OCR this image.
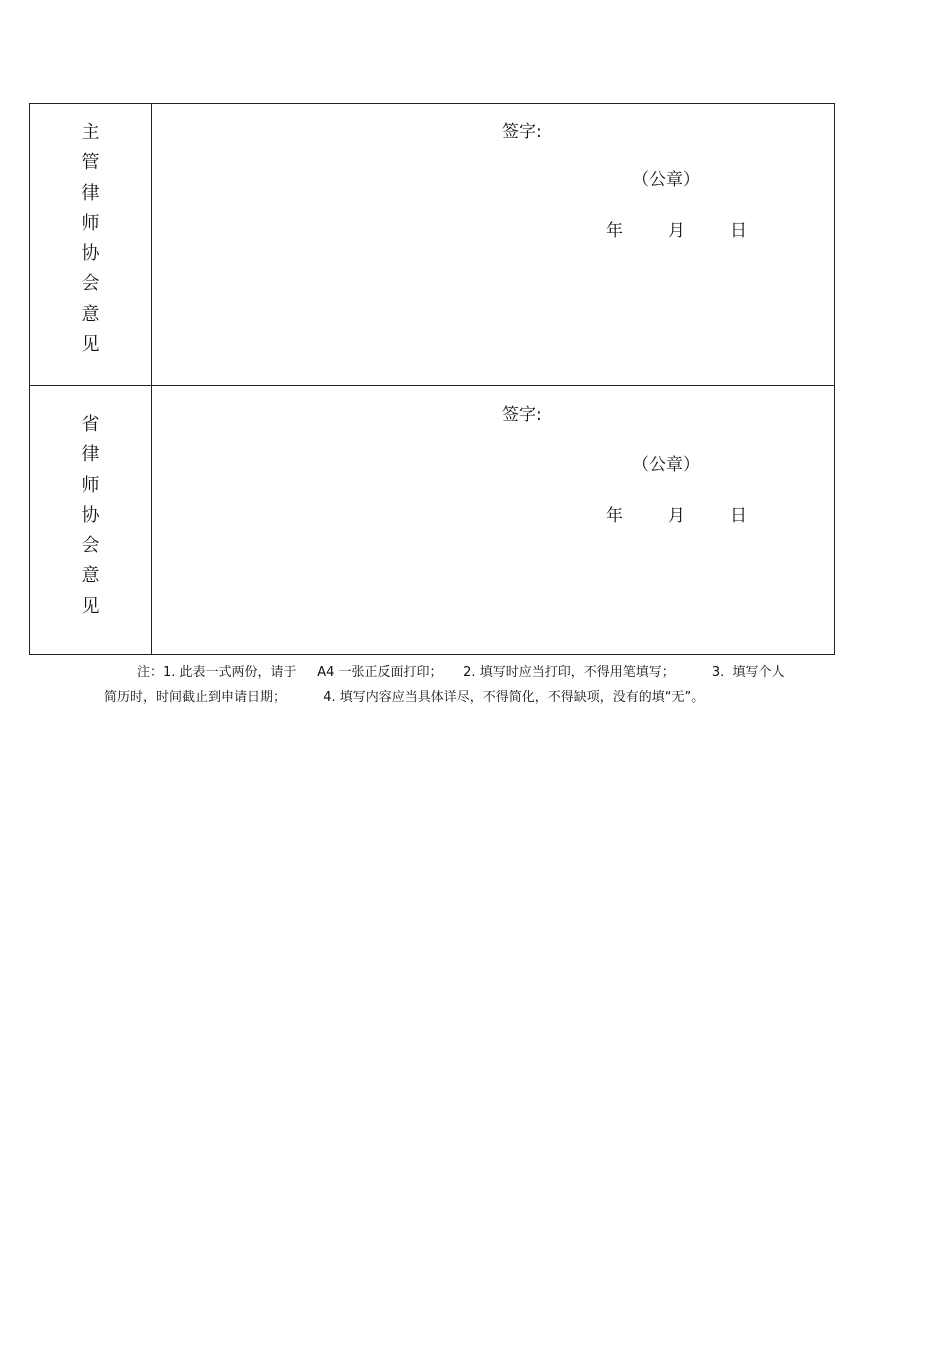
主
管
律
师
协
会
意
见
签字:
（公章）
年	月	日
省
律
师
协
会
意
见
签字:
（公章）
年	月	日
注：1. 此表一式两份，请于     A4 一张正反面打印；     2. 填写时应当打印，不得用笔填写；         3.  填写个人
简历时，时间截止到申请日期；         4. 填写内容应当具体详尽，不得简化，不得缺项，没有的填“无”。
